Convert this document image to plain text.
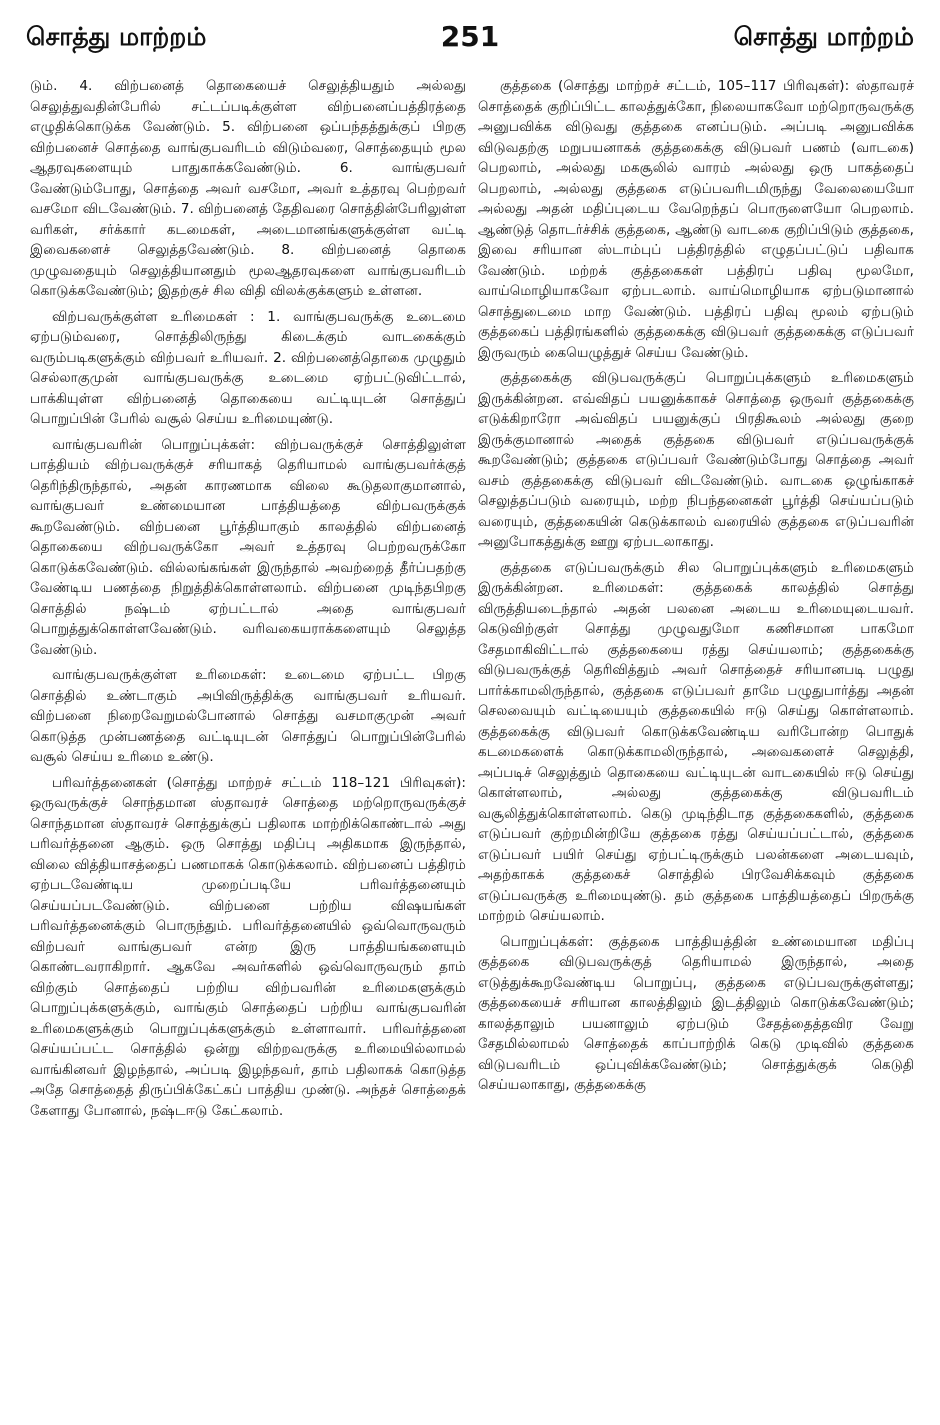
சொத்து மாற்றம்	251	சொத்து மாற்றம்

டும். 4. விற்பனைத் தொகையைச் செலுத்தியதும் அல்லது செலுத்துவதின்பேரில் சட்டப்படிக்குள்ள விற்பனைப்பத்திரத்தை எழுதிக்கொடுக்க வேண்டும். 5. விற்பனை ஒப்பந்தத்துக்குப் பிறகு விற்பனைச் சொத்தை வாங்குபவரிடம் விடும்வரை, சொத்தையும் மூல ஆதரவுகளையும் பாதுகாக்கவேண்டும். 6. வாங்குபவர் வேண்டும்போது, சொத்தை அவர் வசமோ, அவர் உத்தரவு பெற்றவர் வசமோ விடவேண்டும். 7. விற்பனைத் தேதிவரை சொத்தின்பேரிலுள்ள வரிகள், சர்க்கார் கடமைகள், அடைமானங்களுக்குள்ள வட்டி இவைகளைச் செலுத்தவேண்டும். 8. விற்பனைத் தொகை முழுவதையும் செலுத்தியானதும் மூலஆதரவுகளை வாங்குபவரிடம் கொடுக்கவேண்டும்; இதற்குச் சில விதி விலக்குக்களும் உள்ளன.

விற்பவருக்குள்ள உரிமைகள் : 1. வாங்குபவருக்கு உடைமை ஏற்படும்வரை, சொத்திலிருந்து கிடைக்கும் வாடகைக்கும் வரும்படிகளுக்கும் விற்பவர் உரியவர். 2. விற்பனைத்தொகை முழுதும் செல்லாகுமுன் வாங்குபவருக்கு உடைமை ஏற்பட்டுவிட்டால், பாக்கியுள்ள விற்பனைத் தொகையை வட்டியுடன் சொத்துப் பொறுப்பின் பேரில் வசூல் செய்ய உரிமையுண்டு.

வாங்குபவரின் பொறுப்புக்கள்: விற்பவருக்குச் சொத்திலுள்ள பாத்தியம் விற்பவருக்குச் சரியாகத் தெரியாமல் வாங்குபவர்க்குத் தெரிந்திருந்தால், அதன் காரணமாக விலை கூடுதலாகுமானால், வாங்குபவர் உண்மையான பாத்தியத்தை விற்பவருக்குக் கூறவேண்டும். விற்பனை பூர்த்தியாகும் காலத்தில் விற்பனைத் தொகையை விற்பவருக்கோ அவர் உத்தரவு பெற்றவருக்கோ கொடுக்கவேண்டும். வில்லங்கங்கள் இருந்தால் அவற்றைத் தீர்ப்பதற்கு வேண்டிய பணத்தை நிறுத்திக்கொள்ளலாம். விற்பனை முடிந்தபிறகு சொத்தில் நஷ்டம் ஏற்பட்டால் அதை வாங்குபவர் பொறுத்துக்கொள்ளவேண்டும். வரிவகையராக்களையும் செலுத்த வேண்டும்.

வாங்குபவருக்குள்ள உரிமைகள்: உடைமை ஏற்பட்ட பிறகு சொத்தில் உண்டாகும் அபிவிருத்திக்கு வாங்குபவர் உரியவர். விற்பனை நிறைவேறுமல்போனால் சொத்து வசமாகுமுன் அவர் கொடுத்த முன்பணத்தை வட்டியுடன் சொத்துப் பொறுப்பின்பேரில் வசூல் செய்ய உரிமை உண்டு.

பரிவர்த்தனைகள் (சொத்து மாற்றச் சட்டம் 118–121 பிரிவுகள்): ஒருவருக்குச் சொந்தமான ஸ்தாவரச் சொத்தை மற்றொருவருக்குச் சொந்தமான ஸ்தாவரச் சொத்துக்குப் பதிலாக மாற்றிக்கொண்டால் அது பரிவர்த்தனை ஆகும். ஒரு சொத்து மதிப்பு அதிகமாக இருந்தால், விலை வித்தியாசத்தைப் பணமாகக் கொடுக்கலாம். விற்பனைப் பத்திரம் ஏற்படவேண்டிய முறைப்படியே பரிவர்த்தனையும் செய்யப்படவேண்டும். விற்பனை பற்றிய விஷயங்கள் பரிவர்த்தனைக்கும் பொருந்தும். பரிவர்த்தனையில் ஒவ்வொருவரும் விற்பவர் வாங்குபவர் என்ற இரு பாத்தியங்களையும் கொண்டவராகிறார். ஆகவே அவர்களில் ஒவ்வொருவரும் தாம் விற்கும் சொத்தைப் பற்றிய விற்பவரின் உரிமைகளுக்கும் பொறுப்புக்களுக்கும், வாங்கும் சொத்தைப் பற்றிய வாங்குபவரின் உரிமைகளுக்கும் பொறுப்புக்களுக்கும் உள்ளாவார். பரிவர்த்தனை செய்யப்பட்ட சொத்தில் ஒன்று விற்றவருக்கு உரிமையில்லாமல் வாங்கினவர் இழந்தால், அப்படி இழந்தவர், தாம் பதிலாகக் கொடுத்த அதே சொத்தைத் திருப்பிக்கேட்கப் பாத்திய முண்டு. அந்தச் சொத்தைக் கேளாது போனால், நஷ்டஈடு கேட்கலாம்.

குத்தகை (சொத்து மாற்றச் சட்டம், 105–117 பிரிவுகள்): ஸ்தாவரச் சொத்தைக் குறிப்பிட்ட காலத்துக்கோ, நிலையாகவோ மற்றொருவருக்கு அனுபவிக்க விடுவது குத்தகை எனப்படும். அப்படி அனுபவிக்க விடுவதற்கு மறுபயனாகக் குத்தகைக்கு விடுபவர் பணம் (வாடகை) பெறலாம், அல்லது மகசூலில் வாரம் அல்லது ஒரு பாகத்தைப் பெறலாம், அல்லது குத்தகை எடுப்பவரிடமிருந்து வேலையையோ அல்லது அதன் மதிப்புடைய வேறெந்தப் பொருளையோ பெறலாம். ஆண்டுத் தொடர்ச்சிக் குத்தகை, ஆண்டு வாடகை குறிப்பிடும் குத்தகை, இவை சரியான ஸ்டாம்புப் பத்திரத்தில் எழுதப்பட்டுப் பதிவாக வேண்டும். மற்றக் குத்தகைகள் பத்திரப் பதிவு மூலமோ, வாய்மொழியாகவோ ஏற்படலாம். வாய்மொழியாக ஏற்படுமானால் சொத்துடைமை மாற வேண்டும். பத்திரப் பதிவு மூலம் ஏற்படும் குத்தகைப் பத்திரங்களில் குத்தகைக்கு விடுபவர் குத்தகைக்கு எடுப்பவர் இருவரும் கையெழுத்துச் செய்ய வேண்டும்.

குத்தகைக்கு விடுபவருக்குப் பொறுப்புக்களும் உரிமைகளும் இருக்கின்றன. எவ்விதப் பயனுக்காகச் சொத்தை ஒருவர் குத்தகைக்கு எடுக்கிறாரோ அவ்விதப் பயனுக்குப் பிரதிகூலம் அல்லது குறை இருக்குமானால் அதைக் குத்தகை விடுபவர் எடுப்பவருக்குக் கூறவேண்டும்; குத்தகை எடுப்பவர் வேண்டும்போது சொத்தை அவர் வசம் குத்தகைக்கு விடுபவர் விடவேண்டும். வாடகை ஒழுங்காகச் செலுத்தப்படும் வரையும், மற்ற நிபந்தனைகள் பூர்த்தி செய்யப்படும் வரையும், குத்தகையின் கெடுக்காலம் வரையில் குத்தகை எடுப்பவரின் அனுபோகத்துக்கு ஊறு ஏற்படலாகாது.

குத்தகை எடுப்பவருக்கும் சில பொறுப்புக்களும் உரிமைகளும் இருக்கின்றன. உரிமைகள்: குத்தகைக் காலத்தில் சொத்து விருத்தியடைந்தால் அதன் பலனை அடைய உரிமையுடையவர். கெடுவிற்குள் சொத்து முழுவதுமோ கணிசமான பாகமோ சேதமாகிவிட்டால் குத்தகையை ரத்து செய்யலாம்; குத்தகைக்கு விடுபவருக்குத் தெரிவித்தும் அவர் சொத்தைச் சரியானபடி பழுது பார்க்காமலிருந்தால், குத்தகை எடுப்பவர் தாமே பழுதுபார்த்து அதன் செலவையும் வட்டியையும் குத்தகையில் ஈடு செய்து கொள்ளலாம். குத்தகைக்கு விடுபவர் கொடுக்கவேண்டிய வரிபோன்ற பொதுக் கடமைகளைக் கொடுக்காமலிருந்தால், அவைகளைச் செலுத்தி, அப்படிச் செலுத்தும் தொகையை வட்டியுடன் வாடகையில் ஈடு செய்து கொள்ளலாம், அல்லது குத்தகைக்கு விடுபவரிடம் வசூலித்துக்கொள்ளலாம். கெடு முடிந்திடாத குத்தகைகளில், குத்தகை எடுப்பவர் குற்றமின்றியே குத்தகை ரத்து செய்யப்பட்டால், குத்தகை எடுப்பவர் பயிர் செய்து ஏற்பட்டிருக்கும் பலன்களை அடையவும், அதற்காகக் குத்தகைச் சொத்தில் பிரவேசிக்கவும் குத்தகை எடுப்பவருக்கு உரிமையுண்டு. தம் குத்தகை பாத்தியத்தைப் பிறருக்கு மாற்றம் செய்யலாம்.

பொறுப்புக்கள்: குத்தகை பாத்தியத்தின் உண்மையான மதிப்பு குத்தகை விடுபவருக்குத் தெரியாமல் இருந்தால், அதை எடுத்துக்கூறவேண்டிய பொறுப்பு, குத்தகை எடுப்பவருக்குள்ளது; குத்தகையைச் சரியான காலத்திலும் இடத்திலும் கொடுக்கவேண்டும்; காலத்தாலும் பயனாலும் ஏற்படும் சேதத்தைத்தவிர வேறு சேதமில்லாமல் சொத்தைக் காப்பாற்றிக் கெடு முடிவில் குத்தகை விடுபவரிடம் ஒப்புவிக்கவேண்டும்; சொத்துக்குக் கெடுதி செய்யலாகாது, குத்தகைக்கு
